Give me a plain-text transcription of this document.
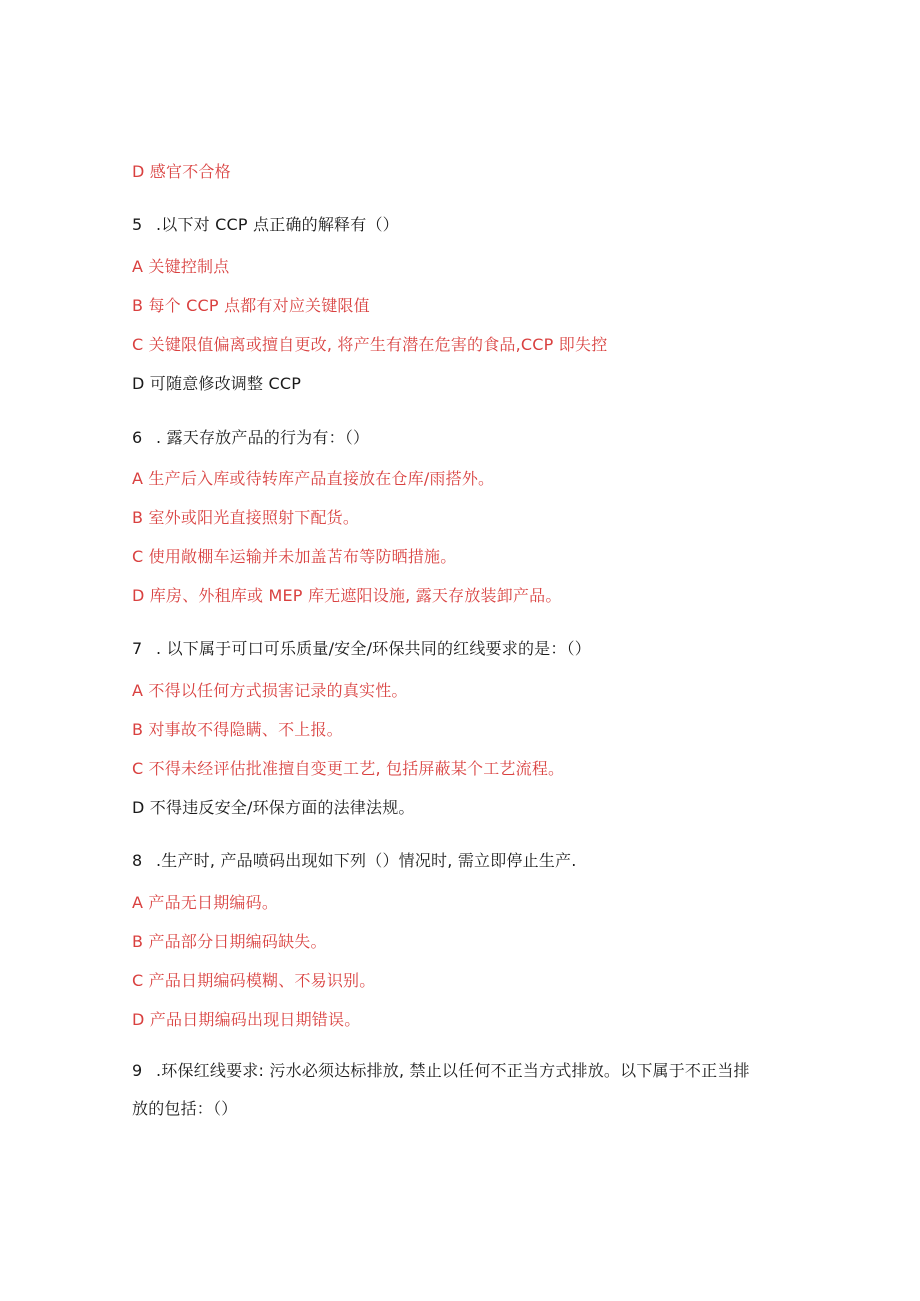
D 感官不合格
5 .以下对 CCP 点正确的解释有（）
A 关键控制点
B 每个 CCP 点都有对应关键限值
C 关键限值偏离或擅自更改, 将产生有潜在危害的食品,CCP 即失控
D 可随意修改调整 CCP
6 . 露天存放产品的行为有：（）
A 生产后入库或待转库产品直接放在仓库/雨搭外。
B 室外或阳光直接照射下配货。
C 使用敞棚车运输并未加盖苫布等防晒措施。
D 库房、外租库或 MEP 库无遮阳设施, 露天存放装卸产品。
7 . 以下属于可口可乐质量/安全/环保共同的红线要求的是：（）
A 不得以任何方式损害记录的真实性。
B 对事故不得隐瞒、不上报。
C 不得未经评估批准擅自变更工艺, 包括屏蔽某个工艺流程。
D 不得违反安全/环保方面的法律法规。
8 .生产时, 产品喷码出现如下列（）情况时, 需立即停止生产.
A 产品无日期编码。
B 产品部分日期编码缺失。
C 产品日期编码模糊、不易识别。
D 产品日期编码出现日期错误。
9 .环保红线要求: 污水必须达标排放, 禁止以任何不正当方式排放。以下属于不正当排
放的包括：（）
